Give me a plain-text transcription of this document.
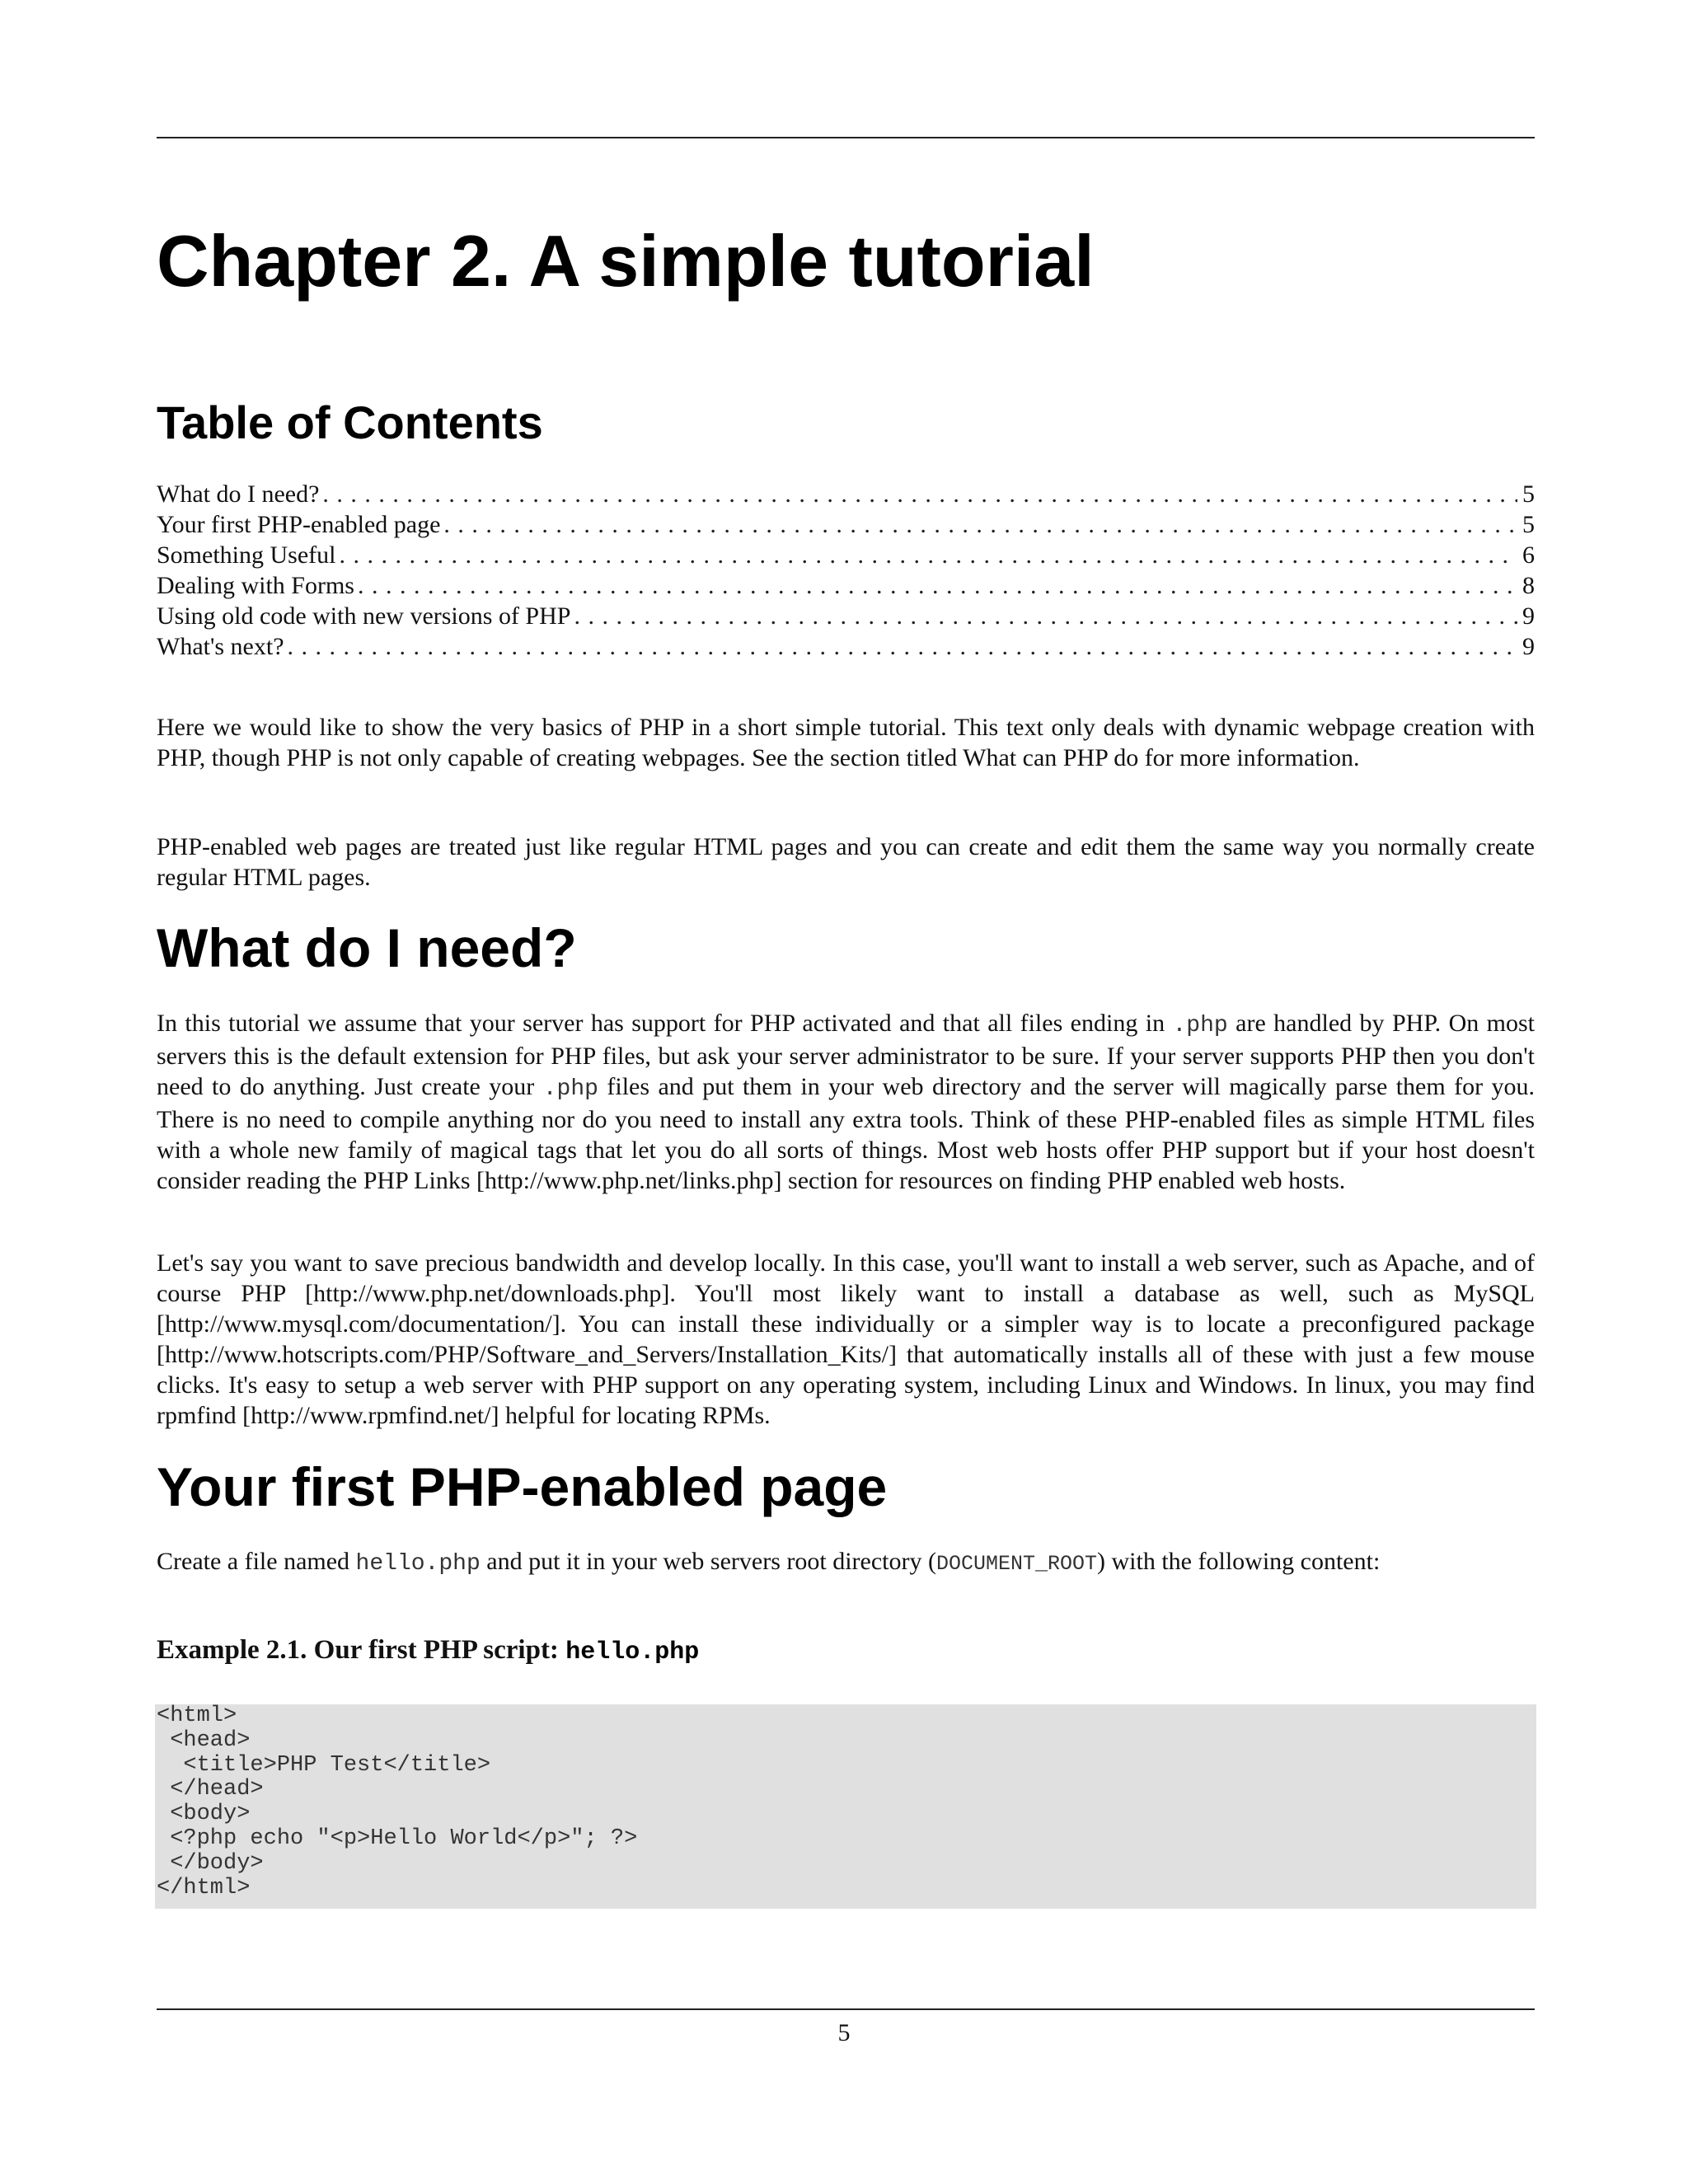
Chapter 2. A simple tutorial
Table of Contents
What do I need? . . .	5
Your first PHP-enabled page . . .	5
Something Useful . . .	6
Dealing with Forms . . .	8
Using old code with new versions of PHP . . .	9
What's next? . . .	9

Here we would like to show the very basics of PHP in a short simple tutorial. This text only deals with dynamic webpage creation with PHP, though PHP is not only capable of creating webpages. See the section titled What can PHP do for more information.

PHP-enabled web pages are treated just like regular HTML pages and you can create and edit them the same way you normally create regular HTML pages.

What do I need?

In this tutorial we assume that your server has support for PHP activated and that all files ending in .php are handled by PHP. On most servers this is the default extension for PHP files, but ask your server administrator to be sure. If your server supports PHP then you don't need to do anything. Just create your .php files and put them in your web directory and the server will magically parse them for you. There is no need to compile anything nor do you need to install any extra tools. Think of these PHP-enabled files as simple HTML files with a whole new family of magical tags that let you do all sorts of things. Most web hosts offer PHP support but if your host doesn't consider reading the PHP Links [http://www.php.net/links.php] section for resources on finding PHP enabled web hosts.

Let's say you want to save precious bandwidth and develop locally. In this case, you'll want to install a web server, such as Apache, and of course PHP [http://www.php.net/downloads.php]. You'll most likely want to install a database as well, such as MySQL [http://www.mysql.com/documentation/]. You can install these individually or a simpler way is to locate a preconfigured package [http://www.hotscripts.com/PHP/Software_and_Servers/Installation_Kits/] that automatically installs all of these with just a few mouse clicks. It's easy to setup a web server with PHP support on any operating system, including Linux and Windows. In linux, you may find rpmfind [http://www.rpmfind.net/] helpful for locating RPMs.

Your first PHP-enabled page

Create a file named hello.php and put it in your web servers root directory (DOCUMENT_ROOT) with the following content:

Example 2.1. Our first PHP script: hello.php

<html>
<head>
<title>PHP Test</title>
</head>
<body>
<?php echo "<p>Hello World</p>"; ?>
</body>
</html>
5
